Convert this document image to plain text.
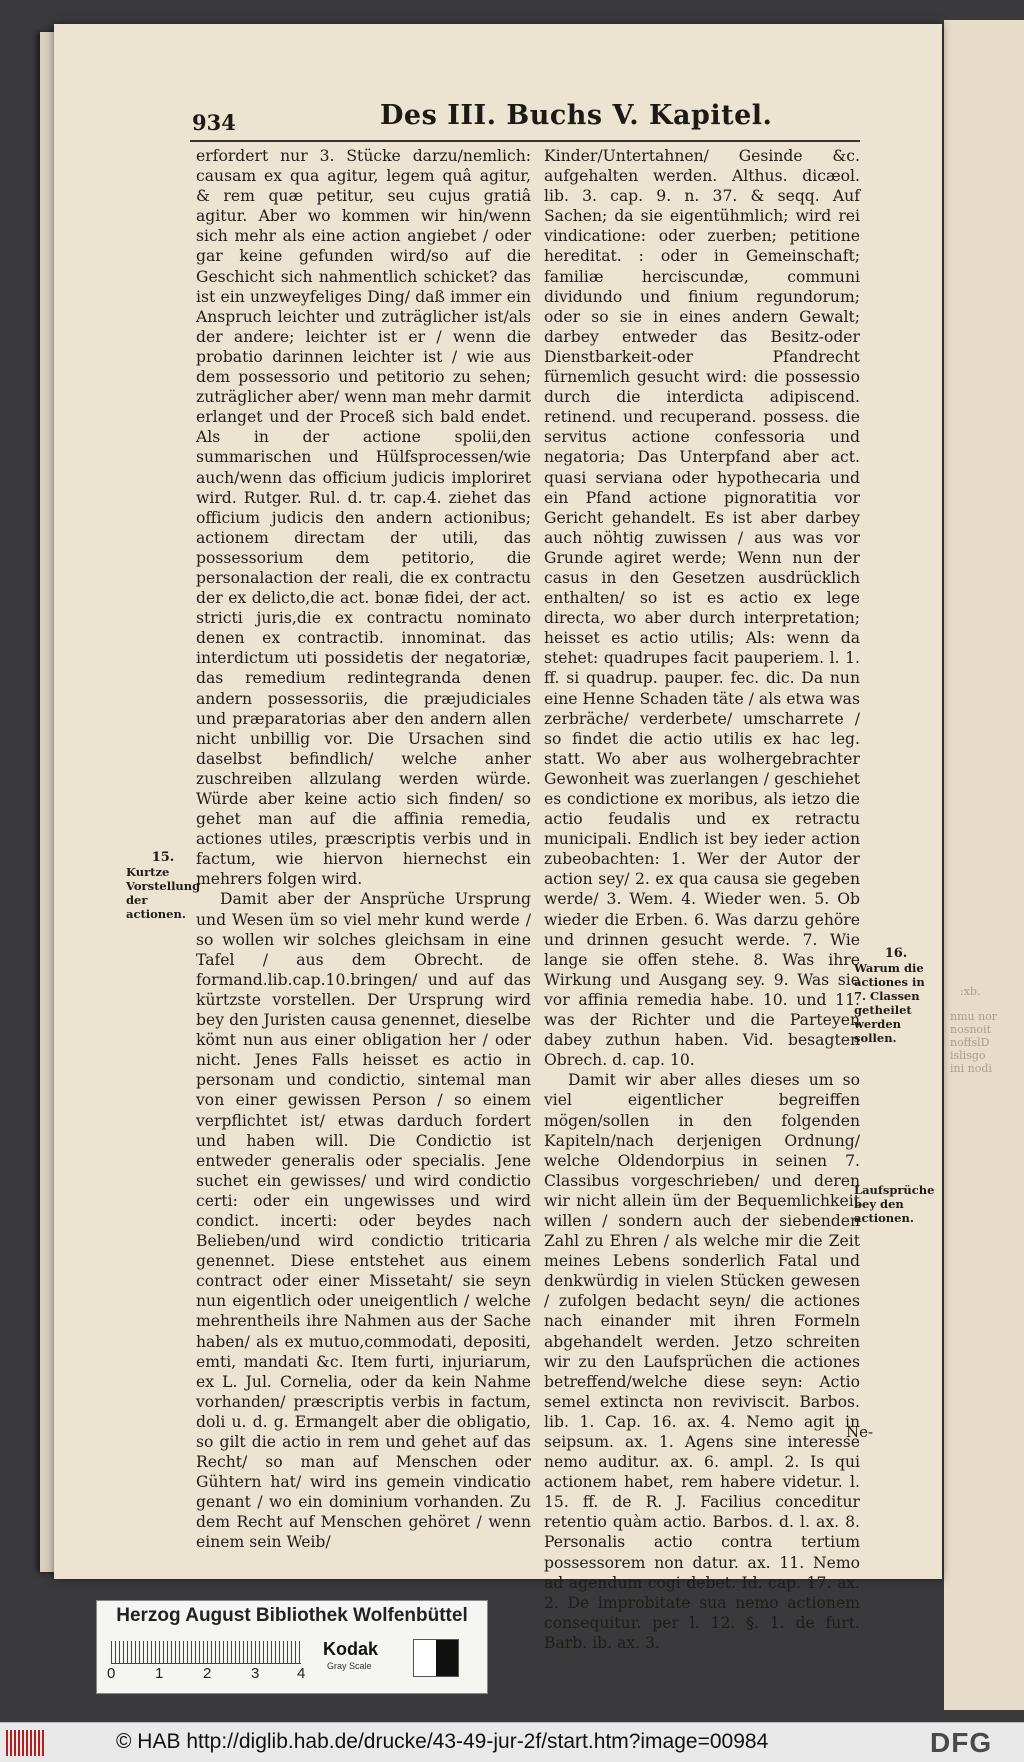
:xb.
nmu nor
nosnoit
noffslD
islisgo
ini nodi
934	Des III. Buchs V. Kapitel.

erfordert nur 3. Stücke darzu/nemlich: causam ex qua agitur, legem quâ agitur, & rem quæ petitur, seu cujus gratiâ agitur. Aber wo kommen wir hin/wenn sich mehr als eine action angiebet / oder gar keine gefunden wird/so auf die Geschicht sich nahmentlich schicket? das ist ein unzweyfeliges Ding/ daß immer ein Anspruch leichter und zuträglicher ist/als der andere; leichter ist er / wenn die probatio darinnen leichter ist / wie aus dem possessorio und petitorio zu sehen; zuträglicher aber/ wenn man mehr darmit erlanget und der Proceß sich bald endet. Als in der actione spolii,den summarischen und Hülfsprocessen/wie auch/wenn das officium judicis imploriret wird. Rutger. Rul. d. tr. cap.4. ziehet das officium judicis den andern actionibus; actionem directam der utili, das possessorium dem petitorio, die personalaction der reali, die ex contractu der ex delicto,die act. bonæ fidei, der act. stricti juris,die ex contractu nominato denen ex contractib. innominat. das interdictum uti possidetis der negatoriæ, das remedium redintegranda denen andern possessoriis, die præjudiciales und præparatorias aber den andern allen nicht unbillig vor. Die Ursachen sind daselbst befindlich/ welche anher zuschreiben allzulang werden würde. Würde aber keine actio sich finden/ so gehet man auf die affinia remedia, actiones utiles, præscriptis verbis und in factum, wie hiervon hiernechst ein mehrers folgen wird.

Damit aber der Ansprüche Ursprung und Wesen üm so viel mehr kund werde / so wollen wir solches gleichsam in eine Tafel / aus dem Obrecht. de formand.lib.cap.10.bringen/ und auf das kürtzste vorstellen. Der Ursprung wird bey den Juristen causa genennet, dieselbe kömt nun aus einer obligation her / oder nicht. Jenes Falls heisset es actio in personam und condictio, sintemal man von einer gewissen Person / so einem verpflichtet ist/ etwas darduch fordert und haben will. Die Condictio ist entweder generalis oder specialis. Jene suchet ein gewisses/ und wird condictio certi: oder ein ungewisses und wird condict. incerti: oder beydes nach Belieben/und wird condictio triticaria genennet. Diese entstehet aus einem contract oder einer Missetaht/ sie seyn nun eigentlich oder uneigentlich / welche mehrentheils ihre Nahmen aus der Sache haben/ als ex mutuo,commodati, depositi, emti, mandati &c. Item furti, injuriarum, ex L. Jul. Cornelia, oder da kein Nahme vorhanden/ præscriptis verbis in factum, doli u. d. g. Ermangelt aber die obligatio, so gilt die actio in rem und gehet auf das Recht/ so man auf Menschen oder Gühtern hat/ wird ins gemein vindicatio genant / wo ein dominium vorhanden. Zu dem Recht auf Menschen gehöret / wenn einem sein Weib/

Kinder/Untertahnen/ Gesinde &c. aufgehalten werden. Althus. dicæol. lib. 3. cap. 9. n. 37. & seqq. Auf Sachen; da sie eigentühmlich; wird rei vindicatione: oder zuerben; petitione hereditat. : oder in Gemeinschaft; familiæ herciscundæ, communi dividundo und finium regundorum; oder so sie in eines andern Gewalt; darbey entweder das Besitz-oder Dienstbarkeit-oder Pfandrecht fürnemlich gesucht wird: die possessio durch die interdicta adipiscend. retinend. und recuperand. possess. die servitus actione confessoria und negatoria; Das Unterpfand aber act. quasi serviana oder hypothecaria und ein Pfand actione pignoratitia vor Gericht gehandelt. Es ist aber darbey auch nöhtig zuwissen / aus was vor Grunde agiret werde; Wenn nun der casus in den Gesetzen ausdrücklich enthalten/ so ist es actio ex lege directa, wo aber durch interpretation; heisset es actio utilis; Als: wenn da stehet: quadrupes facit pauperiem. l. 1. ff. si quadrup. pauper. fec. dic. Da nun eine Henne Schaden täte / als etwa was zerbräche/ verderbete/ umscharrete / so findet die actio utilis ex hac leg. statt. Wo aber aus wolhergebrachter Gewonheit was zuerlangen / geschiehet es condictione ex moribus, als ietzo die actio feudalis und ex retractu municipali. Endlich ist bey ieder action zubeobachten: 1. Wer der Autor der action sey/ 2. ex qua causa sie gegeben werde/ 3. Wem. 4. Wieder wen. 5. Ob wieder die Erben. 6. Was darzu gehöre und drinnen gesucht werde. 7. Wie lange sie offen stehe. 8. Was ihre Wirkung und Ausgang sey. 9. Was sie vor affinia remedia habe. 10. und 11. was der Richter und die Parteyen dabey zuthun haben. Vid. besagten Obrech. d. cap. 10.

Damit wir aber alles dieses um so viel eigentlicher begreiffen mögen/sollen in den folgenden Kapiteln/nach derjenigen Ordnung/ welche Oldendorpius in seinen 7. Classibus vorgeschrieben/ und deren wir nicht allein üm der Bequemlichkeit willen / sondern auch der siebenden Zahl zu Ehren / als welche mir die Zeit meines Lebens sonderlich Fatal und denkwürdig in vielen Stücken gewesen / zufolgen bedacht seyn/ die actiones nach einander mit ihren Formeln abgehandelt werden. Jetzo schreiten wir zu den Laufsprüchen die actiones betreffend/welche diese seyn: Actio semel extincta non reviviscit. Barbos. lib. 1. Cap. 16. ax. 4. Nemo agit in seipsum. ax. 1. Agens sine interesse nemo auditur. ax. 6. ampl. 2. Is qui actionem habet, rem habere videtur. l. 15. ff. de R. J. Facilius conceditur retentio quàm actio. Barbos. d. l. ax. 8. Personalis actio contra tertium possessorem non datur. ax. 11. Nemo ad agendum cogi debet. Id. cap. 17. ax. 2. De improbitate sua nemo actionem consequitur. per l. 12. §. 1. de furt. Barb. ib. ax. 3.

15.
Kurtze Vorstellung der actionen.
16.
Warum die actiones in 7. Classen getheilet werden sollen.
Laufsprüche bey den actionen.
Ne-
Herzog August Bibliothek Wolfenbüttel
0	1	2	3	4
Kodak
Gray Scale
© HAB http://diglib.hab.de/drucke/43-49-jur-2f/start.htm?image=00984	DFG
